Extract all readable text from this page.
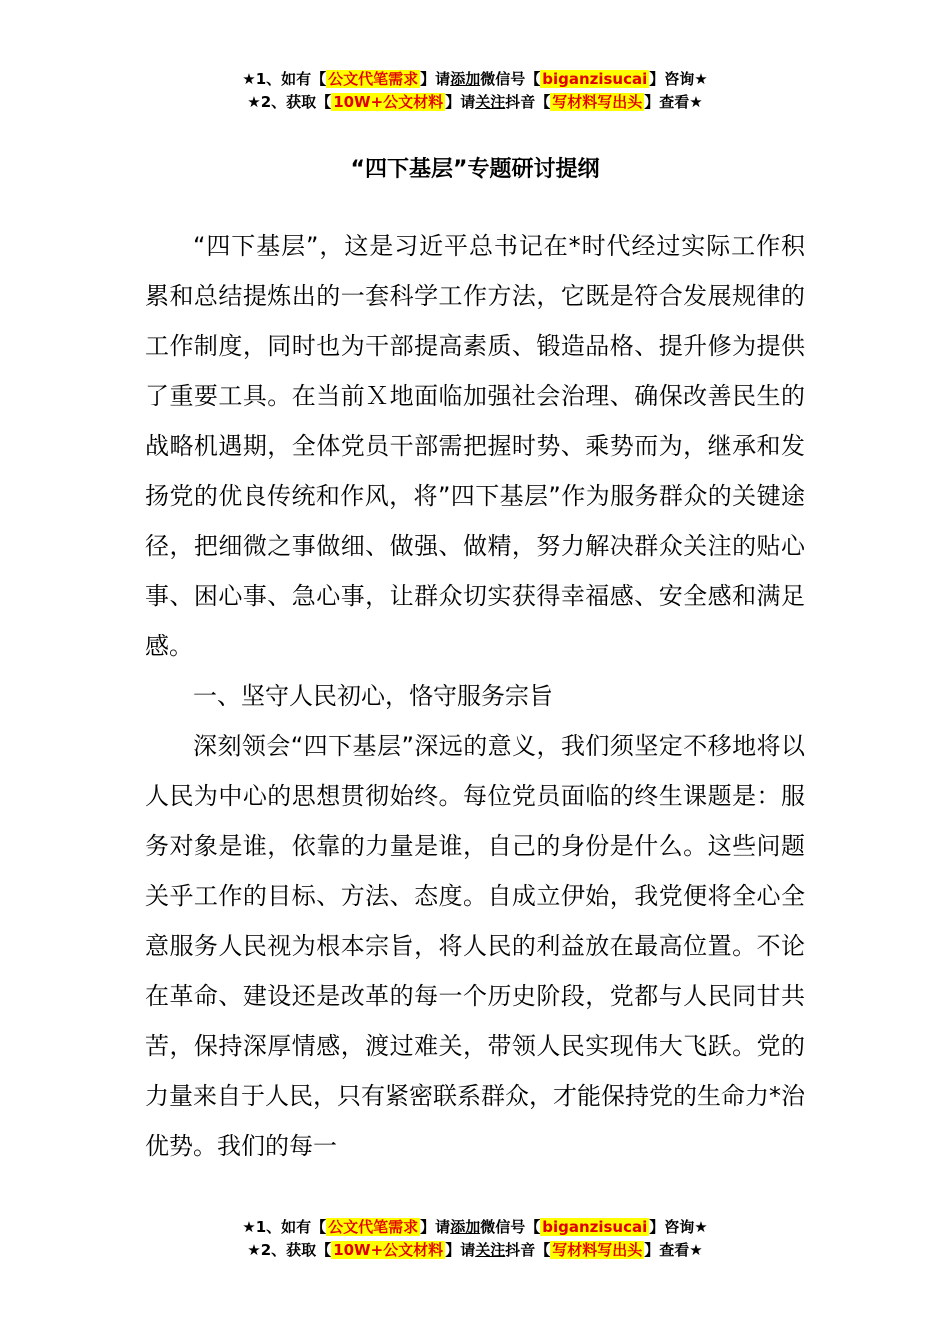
★1、如有【 公文代笔需求 】请添加微信号【 biganzisucai 】咨询★
★2、获取【 10W+公文材料 】请关注抖音【 写材料写出头 】查看★
“四下基层”专题研讨提纲

“四下基层”，这是习近平总书记在*时代经过实际工作积累和总结提炼出的一套科学工作方法，它既是符合发展规律的工作制度，同时也为干部提高素质、锻造品格、提升修为提供了重要工具。在当前Ｘ地面临加强社会治理、确保改善民生的战略机遇期，全体党员干部需把握时势、乘势而为，继承和发扬党的优良传统和作风，将”四下基层”作为服务群众的关键途径，把细微之事做细、做强、做精，努力解决群众关注的贴心事、困心事、急心事，让群众切实获得幸福感、安全感和满足感。

一、坚守人民初心，恪守服务宗旨

深刻领会“四下基层”深远的意义，我们须坚定不移地将以人民为中心的思想贯彻始终。每位党员面临的终生课题是：服务对象是谁，依靠的力量是谁，自己的身份是什么。这些问题关乎工作的目标、方法、态度。自成立伊始，我党便将全心全意服务人民视为根本宗旨，将人民的利益放在最高位置。不论在革命、建设还是改革的每一个历史阶段，党都与人民同甘共苦，保持深厚情感，渡过难关，带领人民实现伟大飞跃。党的力量来自于人民，只有紧密联系群众，才能保持党的生命力*治优势。我们的每一

★1、如有【 公文代笔需求 】请添加微信号【 biganzisucai 】咨询★
★2、获取【 10W+公文材料 】请关注抖音【 写材料写出头 】查看★
